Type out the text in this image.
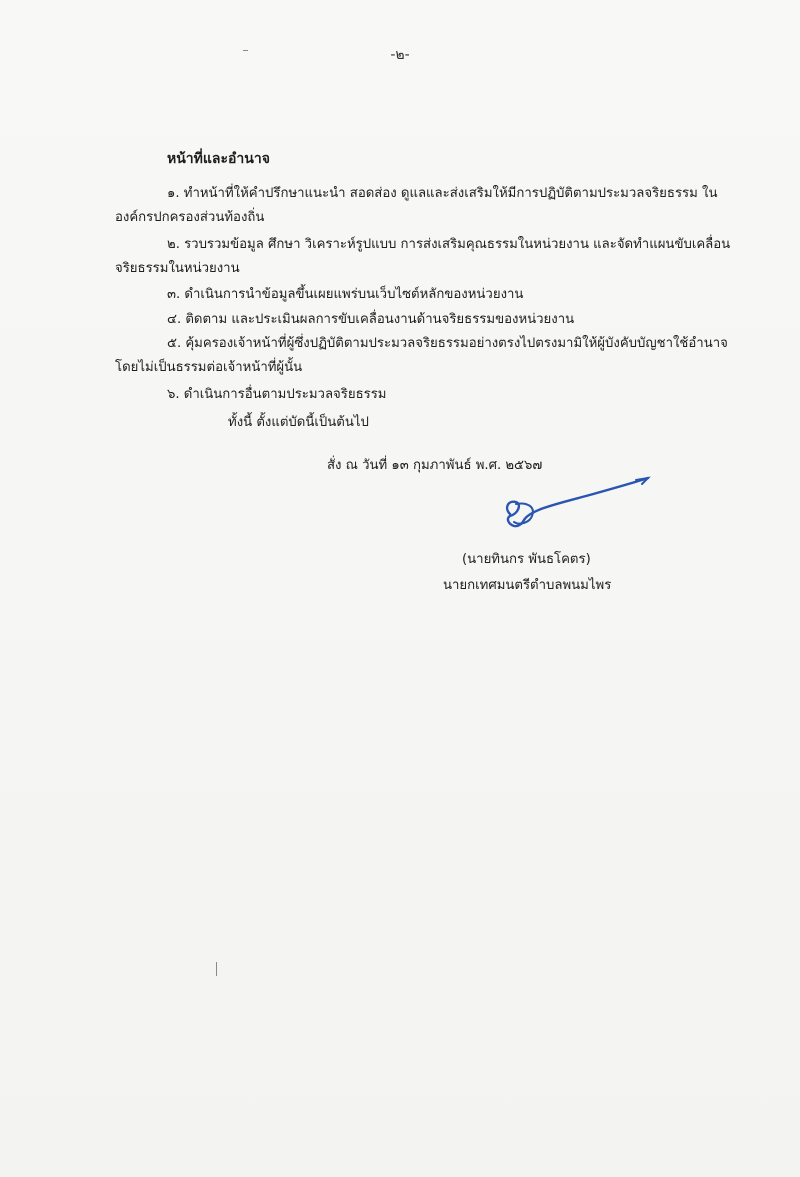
-๒-
หน้าที่และอำนาจ
๑. ทำหน้าที่ให้คำปรึกษาแนะนำ สอดส่อง ดูแลและส่งเสริมให้มีการปฏิบัติตามประมวลจริยธรรม ใน
องค์กรปกครองส่วนท้องถิ่น
๒. รวบรวมข้อมูล ศึกษา วิเคราะห์รูปแบบ การส่งเสริมคุณธรรมในหน่วยงาน และจัดทำแผนขับเคลื่อน
จริยธรรมในหน่วยงาน
๓. ดำเนินการนำข้อมูลขึ้นเผยแพร่บนเว็บไซต์หลักของหน่วยงาน
๔. ติดตาม และประเมินผลการขับเคลื่อนงานด้านจริยธรรมของหน่วยงาน
๕. คุ้มครองเจ้าหน้าที่ผู้ซึ่งปฏิบัติตามประมวลจริยธรรมอย่างตรงไปตรงมามิให้ผู้บังคับบัญชาใช้อำนาจ
โดยไม่เป็นธรรมต่อเจ้าหน้าที่ผู้นั้น
๖. ดำเนินการอื่นตามประมวลจริยธรรม
ทั้งนี้ ตั้งแต่บัดนี้เป็นต้นไป
สั่ง ณ วันที่ ๑๓ กุมภาพันธ์ พ.ศ. ๒๕๖๗
(นายทินกร พันธโคตร)
นายกเทศมนตรีตำบลพนมไพร
